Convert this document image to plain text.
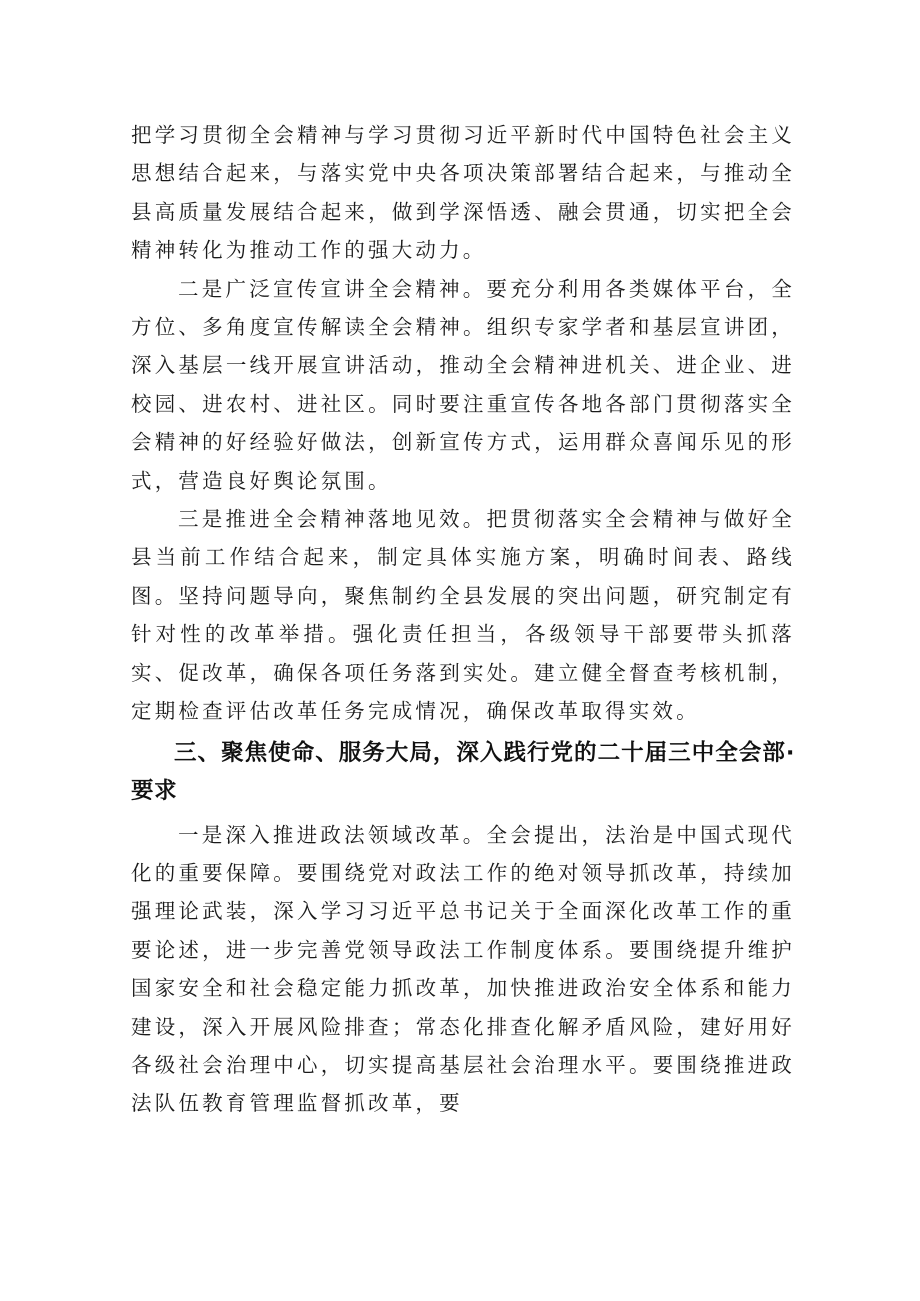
把学习贯彻全会精神与学习贯彻习近平新时代中国特色社会主义思想结合起来，与落实党中央各项决策部署结合起来，与推动全县高质量发展结合起来，做到学深悟透、融会贯通，切实把全会精神转化为推动工作的强大动力。

二是广泛宣传宣讲全会精神。要充分利用各类媒体平台，全方位、多角度宣传解读全会精神。组织专家学者和基层宣讲团，深入基层一线开展宣讲活动，推动全会精神进机关、进企业、进校园、进农村、进社区。同时要注重宣传各地各部门贯彻落实全会精神的好经验好做法，创新宣传方式，运用群众喜闻乐见的形式，营造良好舆论氛围。

三是推进全会精神落地见效。把贯彻落实全会精神与做好全县当前工作结合起来，制定具体实施方案，明确时间表、路线图。坚持问题导向，聚焦制约全县发展的突出问题，研究制定有针对性的改革举措。强化责任担当，各级领导干部要带头抓落实、促改革，确保各项任务落到实处。建立健全督查考核机制，定期检查评估改革任务完成情况，确保改革取得实效。

三、聚焦使命、服务大局，深入践行党的二十届三中全会部·要求

一是深入推进政法领域改革。全会提出，法治是中国式现代化的重要保障。要围绕党对政法工作的绝对领导抓改革，持续加强理论武装，深入学习习近平总书记关于全面深化改革工作的重要论述，进一步完善党领导政法工作制度体系。要围绕提升维护国家安全和社会稳定能力抓改革，加快推进政治安全体系和能力建设，深入开展风险排查；常态化排查化解矛盾风险，建好用好各级社会治理中心，切实提高基层社会治理水平。要围绕推进政法队伍教育管理监督抓改革，要
